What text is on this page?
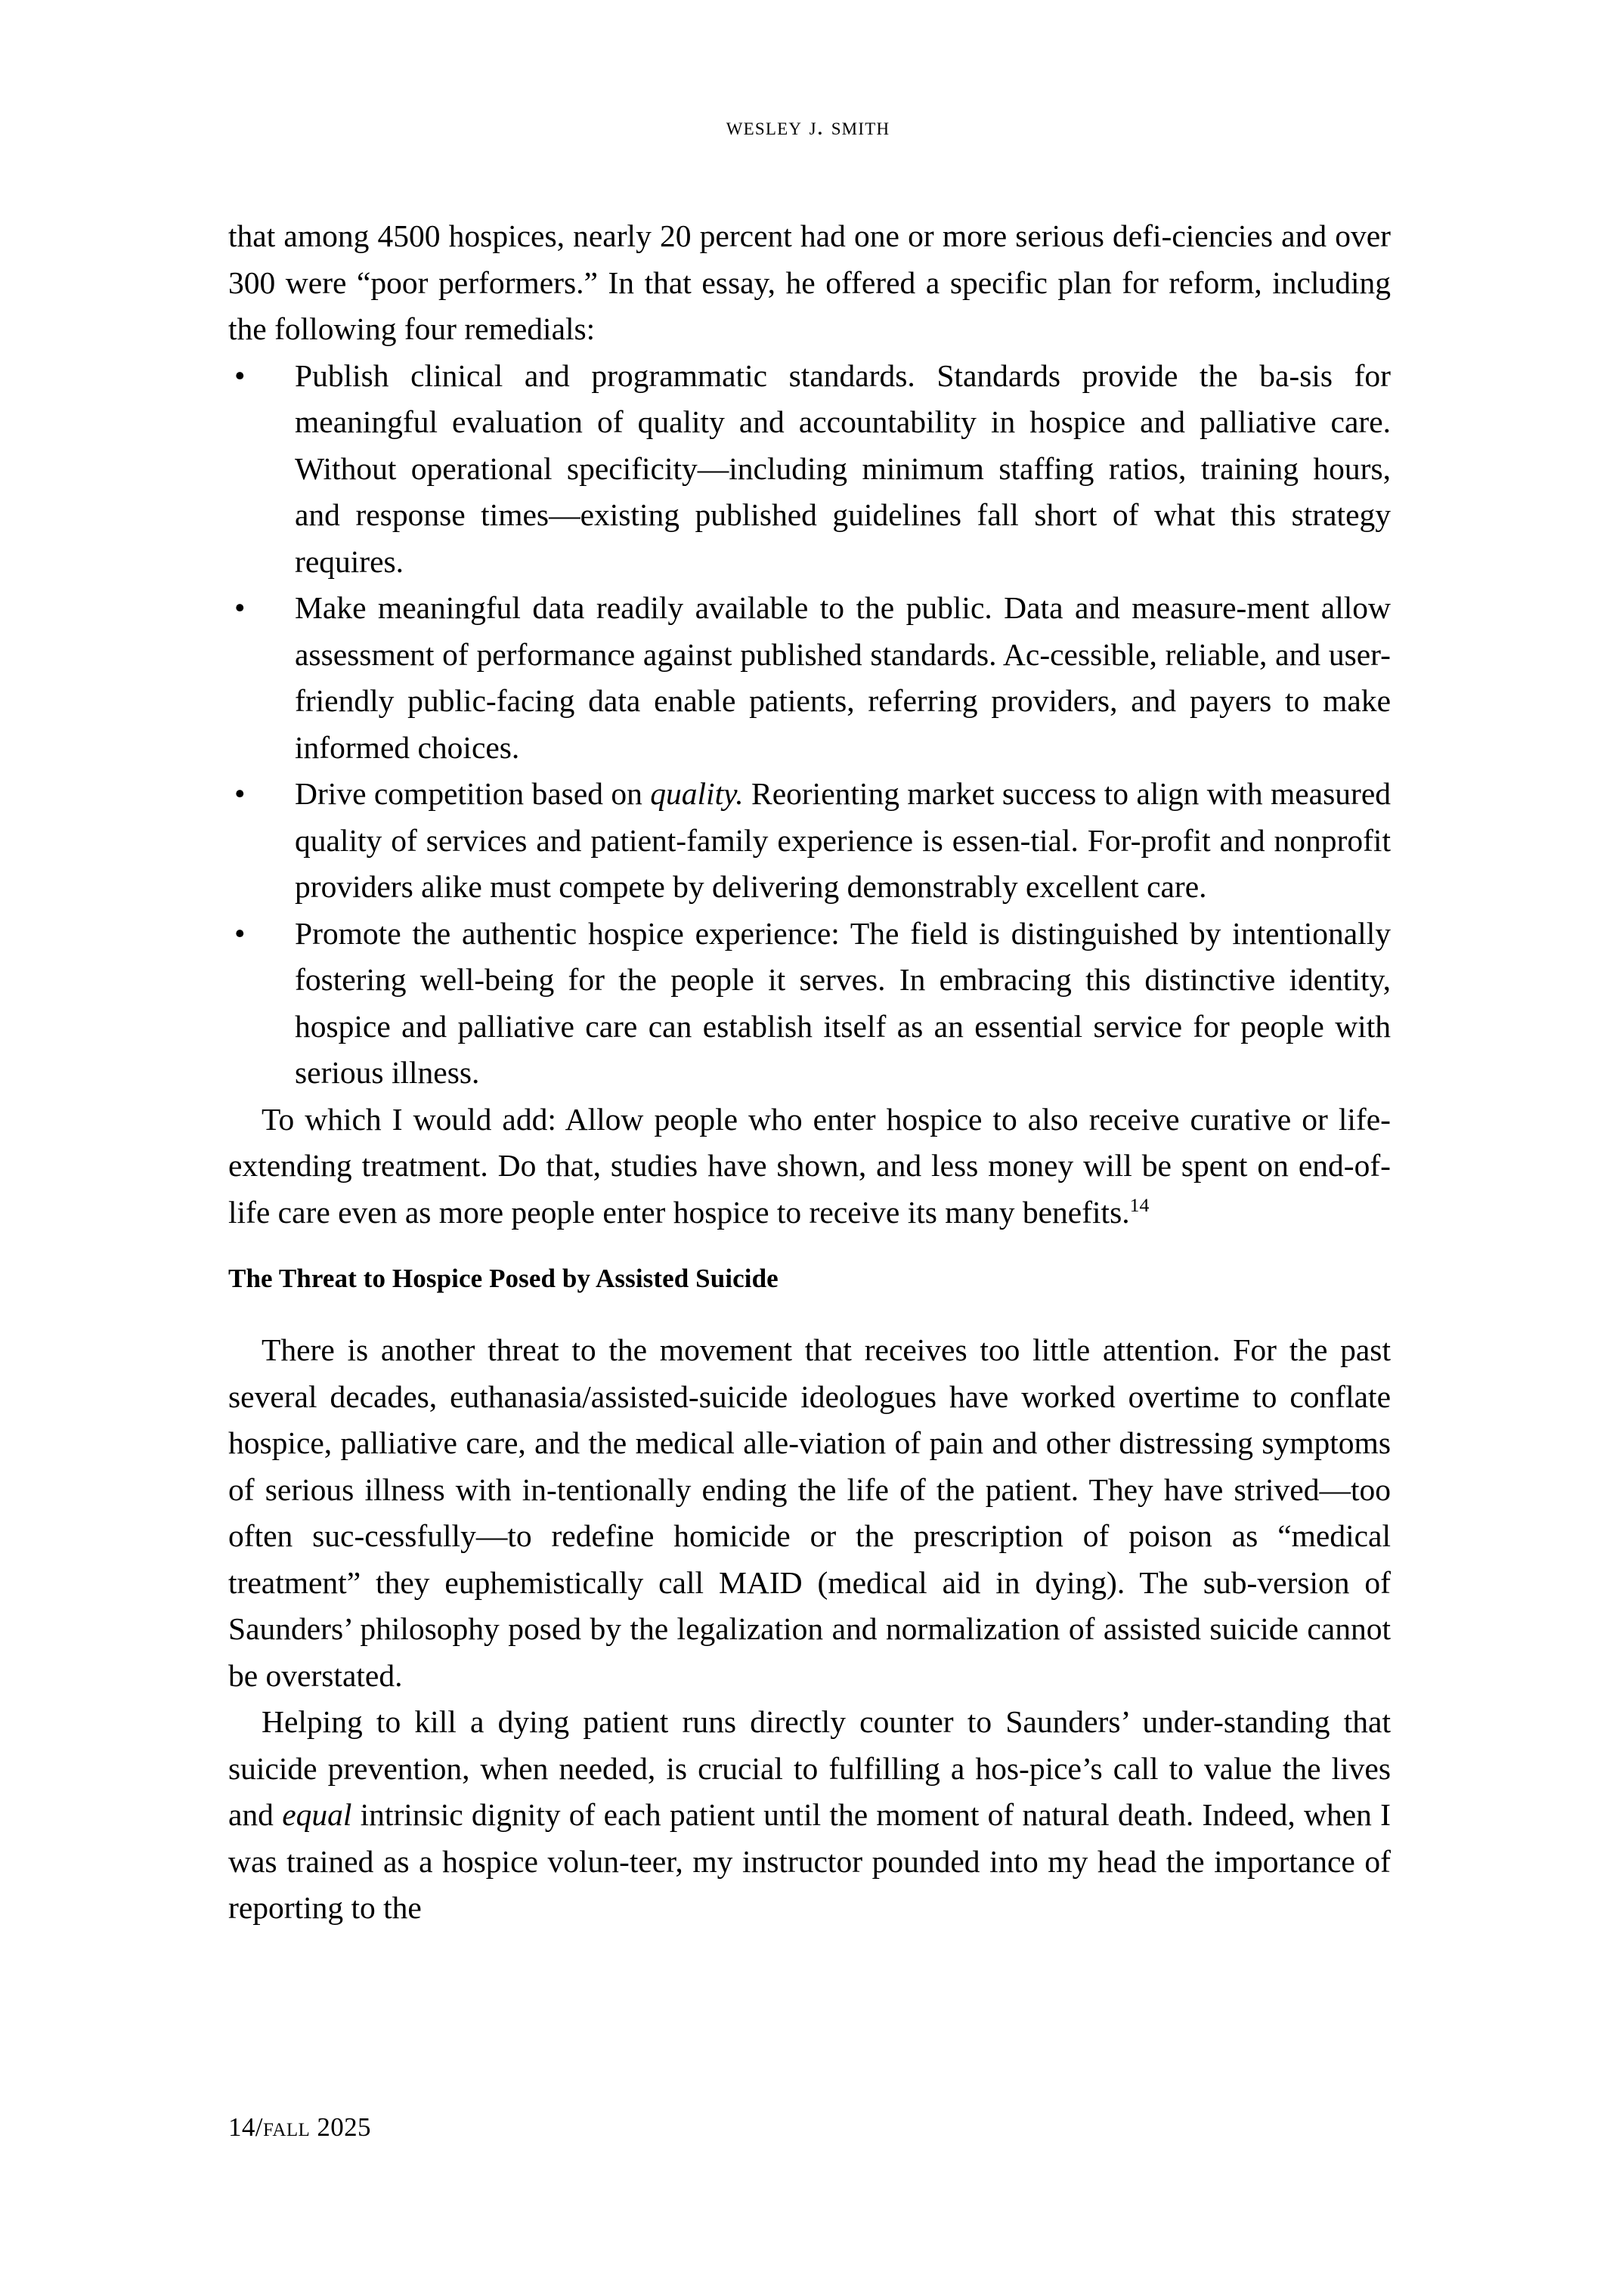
wesley j. smith

that among 4500 hospices, nearly 20 percent had one or more serious defi-ciencies and over 300 were “poor performers.” In that essay, he offered a specific plan for reform, including the following four remedials:

•	Publish clinical and programmatic standards. Standards provide the ba-sis for meaningful evaluation of quality and accountability in hospice and palliative care. Without operational specificity—including minimum staffing ratios, training hours, and response times—existing published guidelines fall short of what this strategy requires.
•	Make meaningful data readily available to the public. Data and measure-ment allow assessment of performance against published standards. Ac-cessible, reliable, and user-friendly public-facing data enable patients, referring providers, and payers to make informed choices.
•	Drive competition based on quality. Reorienting market success to align with measured quality of services and patient-family experience is essen-tial. For-profit and nonprofit providers alike must compete by delivering demonstrably excellent care.
•	Promote the authentic hospice experience: The field is distinguished by intentionally fostering well-being for the people it serves. In embracing this distinctive identity, hospice and palliative care can establish itself as an essential service for people with serious illness.

To which I would add: Allow people who enter hospice to also receive curative or life-extending treatment. Do that, studies have shown, and less money will be spent on end-of-life care even as more people enter hospice to receive its many benefits.$^{14}$

The Threat to Hospice Posed by Assisted Suicide

There is another threat to the movement that receives too little attention. For the past several decades, euthanasia/assisted-suicide ideologues have worked overtime to conflate hospice, palliative care, and the medical alle-viation of pain and other distressing symptoms of serious illness with in-tentionally ending the life of the patient. They have strived—too often suc-cessfully—to redefine homicide or the prescription of poison as “medical treatment” they euphemistically call MAID (medical aid in dying). The sub-version of Saunders’ philosophy posed by the legalization and normalization of assisted suicide cannot be overstated.

Helping to kill a dying patient runs directly counter to Saunders’ under-standing that suicide prevention, when needed, is crucial to fulfilling a hos-pice’s call to value the lives and equal intrinsic dignity of each patient until the moment of natural death. Indeed, when I was trained as a hospice volun-teer, my instructor pounded into my head the importance of reporting to the

14/fall 2025
